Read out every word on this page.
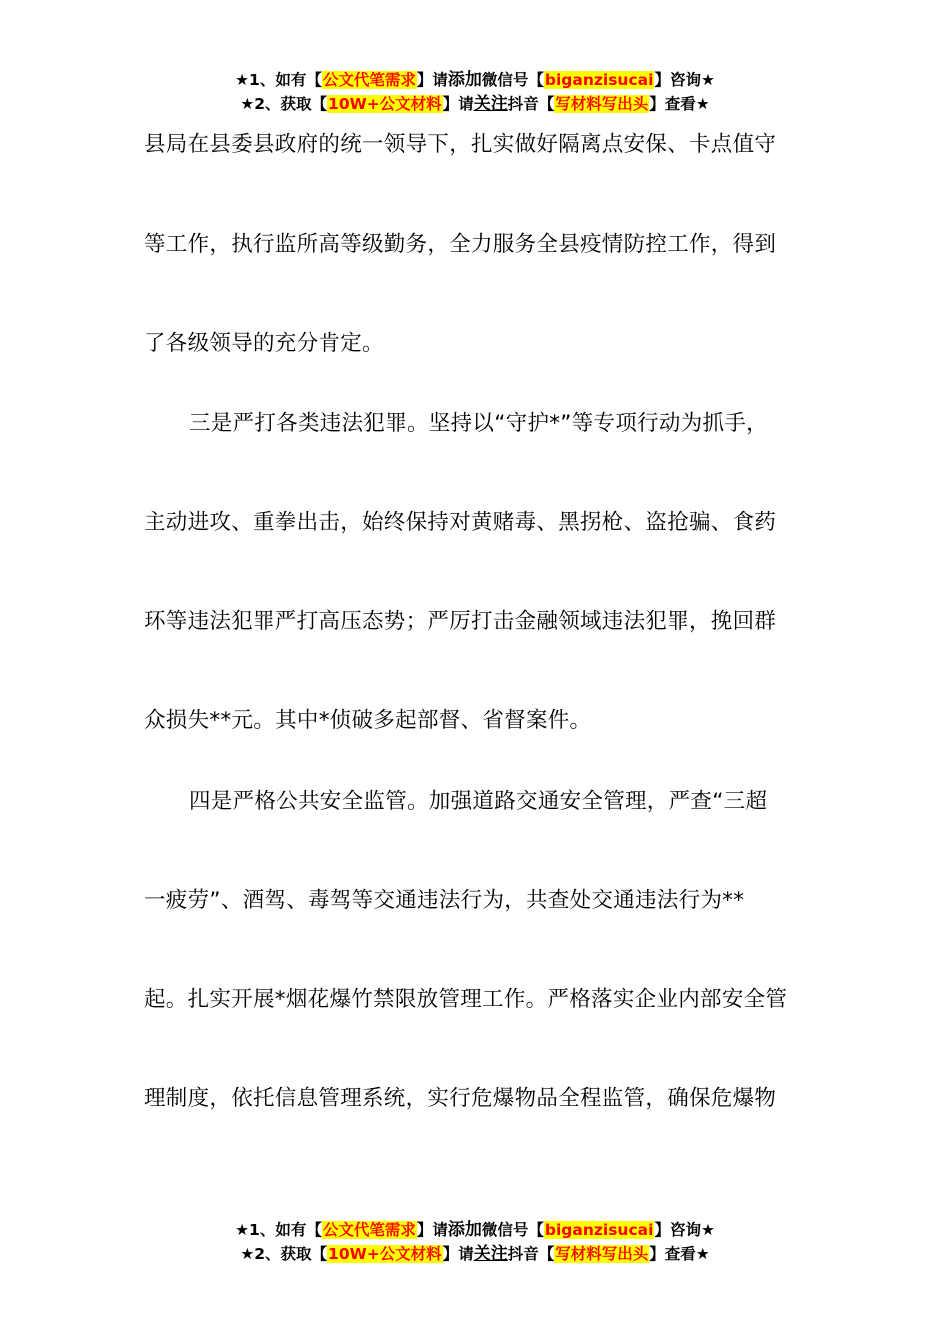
★1、如有【公文代笔需求】请添加微信号【biganzisucai】咨询★
★2、获取【10W+公文材料】请关注抖音【写材料写出头】查看★
县局在县委县政府的统一领导下，扎实做好隔离点安保、卡点值守
等工作，执行监所高等级勤务，全力服务全县疫情防控工作，得到
了各级领导的充分肯定。
三是严打各类违法犯罪。坚持以“守护*”等专项行动为抓手，
主动进攻、重拳出击，始终保持对黄赌毒、黑拐枪、盗抢骗、食药
环等违法犯罪严打高压态势；严厉打击金融领域违法犯罪，挽回群
众损失**元。其中*侦破多起部督、省督案件。
四是严格公共安全监管。加强道路交通安全管理，严查“三超
一疲劳”、酒驾、毒驾等交通违法行为，共查处交通违法行为**
起。扎实开展*烟花爆竹禁限放管理工作。严格落实企业内部安全管
理制度，依托信息管理系统，实行危爆物品全程监管，确保危爆物
★1、如有【公文代笔需求】请添加微信号【biganzisucai】咨询★
★2、获取【10W+公文材料】请关注抖音【写材料写出头】查看★
